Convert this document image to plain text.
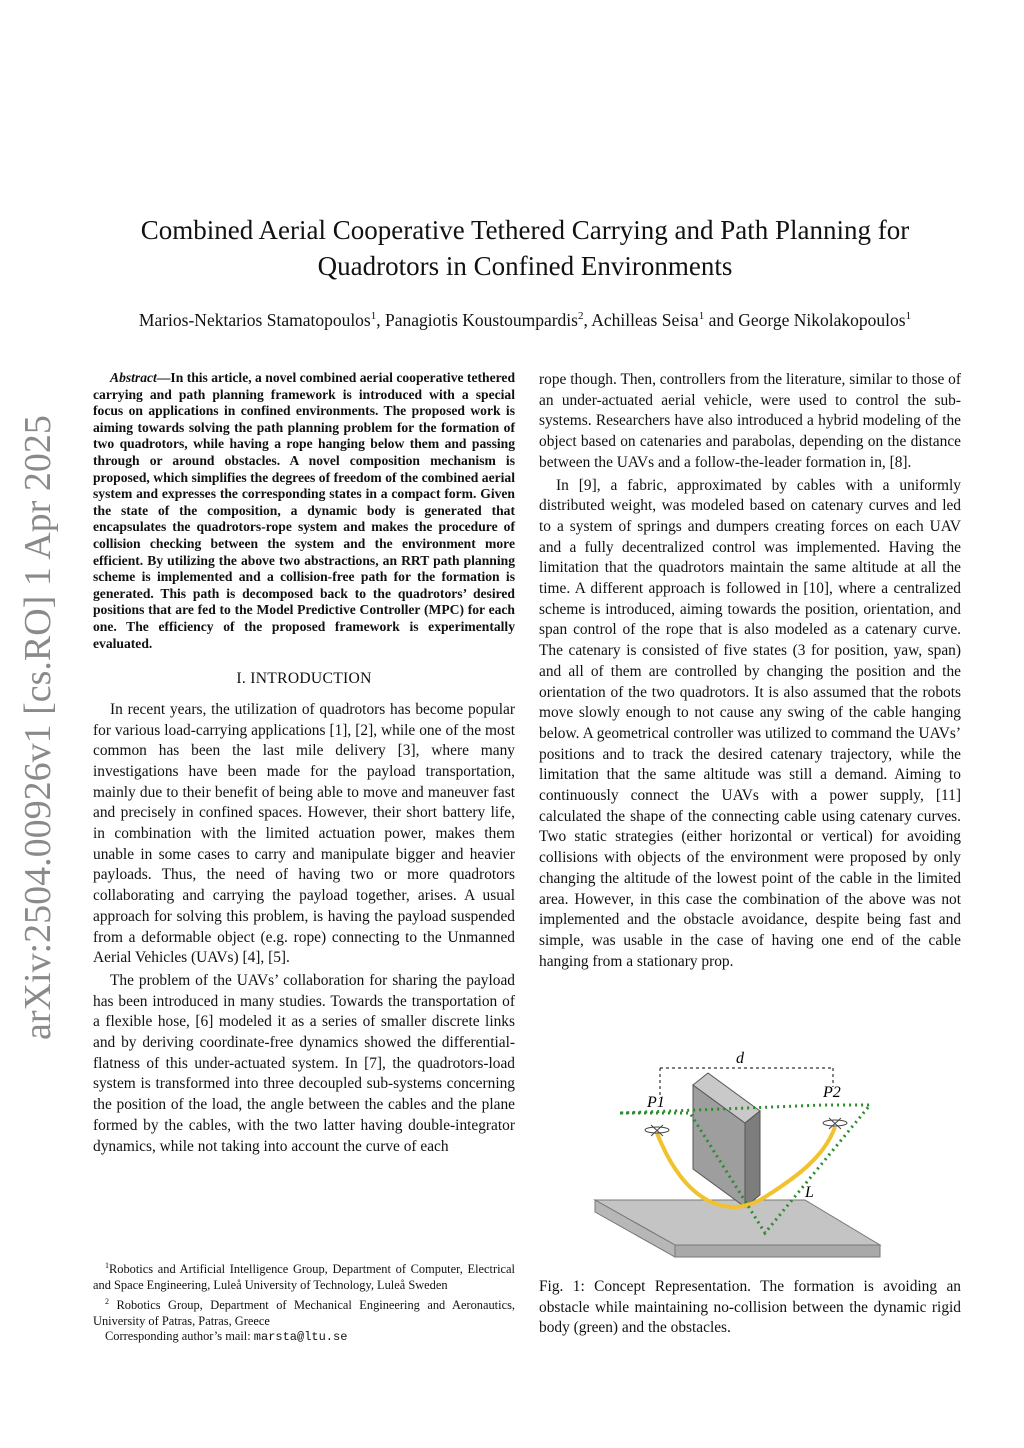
arXiv:2504.00926v1 [cs.RO] 1 Apr 2025
Combined Aerial Cooperative Tethered Carrying and Path Planning for
Quadrotors in Confined Environments
Marios-Nektarios Stamatopoulos$^1$, Panagiotis Koustoumpardis$^2$, Achilleas Seisa$^1$ and George Nikolakopoulos$^1$

Abstract—In this article, a novel combined aerial cooperative tethered carrying and path planning framework is introduced with a special focus on applications in confined environments. The proposed work is aiming towards solving the path planning problem for the formation of two quadrotors, while having a rope hanging below them and passing through or around obstacles. A novel composition mechanism is proposed, which simplifies the degrees of freedom of the combined aerial system and expresses the corresponding states in a compact form. Given the state of the composition, a dynamic body is generated that encapsulates the quadrotors-rope system and makes the procedure of collision checking between the system and the environment more efficient. By utilizing the above two abstractions, an RRT path planning scheme is implemented and a collision-free path for the formation is generated. This path is decomposed back to the quadrotors’ desired positions that are fed to the Model Predictive Controller (MPC) for each one. The efficiency of the proposed framework is experimentally evaluated.

I. INTRODUCTION

In recent years, the utilization of quadrotors has become popular for various load-carrying applications [1], [2], while one of the most common has been the last mile delivery [3], where many investigations have been made for the payload transportation, mainly due to their benefit of being able to move and maneuver fast and precisely in confined spaces. However, their short battery life, in combination with the limited actuation power, makes them unable in some cases to carry and manipulate bigger and heavier payloads. Thus, the need of having two or more quadrotors collaborating and carrying the payload together, arises. A usual approach for solving this problem, is having the payload suspended from a deformable object (e.g. rope) connecting to the Unmanned Aerial Vehicles (UAVs) [4], [5].

The problem of the UAVs’ collaboration for sharing the payload has been introduced in many studies. Towards the transportation of a flexible hose, [6] modeled it as a series of smaller discrete links and by deriving coordinate-free dynamics showed the differential-flatness of this under-actuated system. In [7], the quadrotors-load system is transformed into three decoupled sub-systems concerning the position of the load, the angle between the cables and the plane formed by the cables, with the two latter having double-integrator dynamics, while not taking into account the curve of each

$^1$Robotics and Artificial Intelligence Group, Department of Computer, Electrical and Space Engineering, Luleå University of Technology, Luleå Sweden

$^2$ Robotics Group, Department of Mechanical Engineering and Aeronautics, University of Patras, Patras, Greece

Corresponding author’s mail: marsta@ltu.se

rope though. Then, controllers from the literature, similar to those of an under-actuated aerial vehicle, were used to control the sub-systems. Researchers have also introduced a hybrid modeling of the object based on catenaries and parabolas, depending on the distance between the UAVs and a follow-the-leader formation in, [8].

In [9], a fabric, approximated by cables with a uniformly distributed weight, was modeled based on catenary curves and led to a system of springs and dumpers creating forces on each UAV and a fully decentralized control was implemented. Having the limitation that the quadrotors maintain the same altitude at all the time. A different approach is followed in [10], where a centralized scheme is introduced, aiming towards the position, orientation, and span control of the rope that is also modeled as a catenary curve. The catenary is consisted of five states (3 for position, yaw, span) and all of them are controlled by changing the position and the orientation of the two quadrotors. It is also assumed that the robots move slowly enough to not cause any swing of the cable hanging below. A geometrical controller was utilized to command the UAVs’ positions and to track the desired catenary trajectory, while the limitation that the same altitude was still a demand. Aiming to continuously connect the UAVs with a power supply, [11] calculated the shape of the connecting cable using catenary curves. Two static strategies (either horizontal or vertical) for avoiding collisions with objects of the environment were proposed by only changing the altitude of the lowest point of the cable in the limited area. However, in this case the combination of the above was not implemented and the obstacle avoidance, despite being fast and simple, was usable in the case of having one end of the cable hanging from a stationary prop.

d
P1
P2
L
Fig. 1: Concept Representation. The formation is avoiding an obstacle while maintaining no-collision between the dynamic rigid body (green) and the obstacles.
